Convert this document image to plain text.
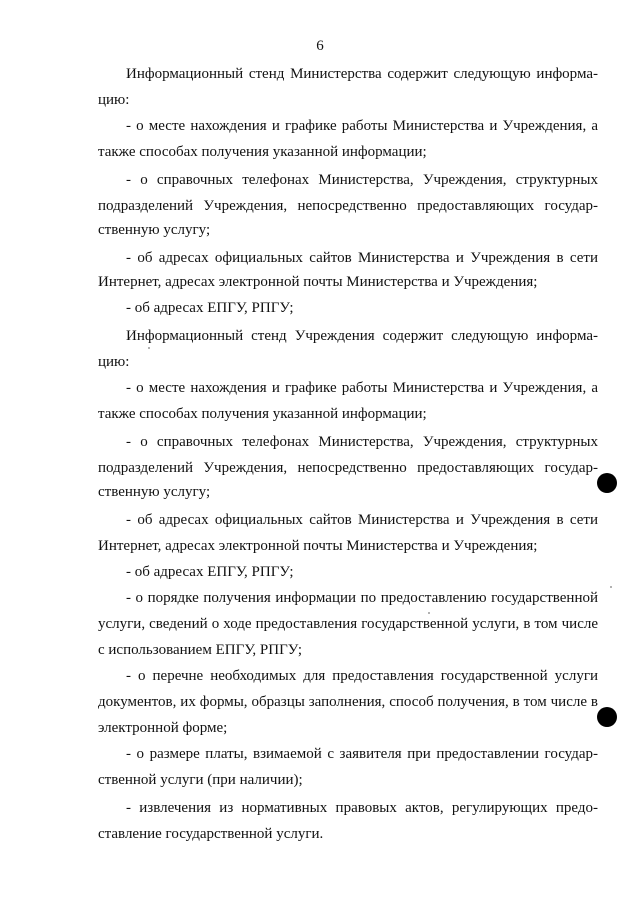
6
Информационный стенд Министерства содержит следующую информа-
цию:
- о месте нахождения и графике работы Министерства и Учреждения, а
также способах получения указанной информации;
- о справочных телефонах Министерства, Учреждения, структурных
подразделений Учреждения, непосредственно предоставляющих государ-
ственную услугу;
- об адресах официальных сайтов Министерства и Учреждения в сети
Интернет, адресах электронной почты Министерства и Учреждения;
- об адресах ЕПГУ, РПГУ;
Информационный стенд Учреждения содержит следующую информа-
цию:
- о месте нахождения и графике работы Министерства и Учреждения, а
также способах получения указанной информации;
- о справочных телефонах Министерства, Учреждения, структурных
подразделений Учреждения, непосредственно предоставляющих государ-
ственную услугу;
- об адресах официальных сайтов Министерства и Учреждения в сети
Интернет, адресах электронной почты Министерства и Учреждения;
- об адресах ЕПГУ, РПГУ;
- о порядке получения информации по предоставлению государственной
услуги, сведений о ходе предоставления государственной услуги, в том числе
с использованием ЕПГУ, РПГУ;
- о перечне необходимых для предоставления государственной услуги
документов, их формы, образцы заполнения, способ получения, в том числе в
электронной форме;
- о размере платы, взимаемой с заявителя при предоставлении государ-
ственной услуги (при наличии);
- извлечения из нормативных правовых актов, регулирующих предо-
ставление государственной услуги.
